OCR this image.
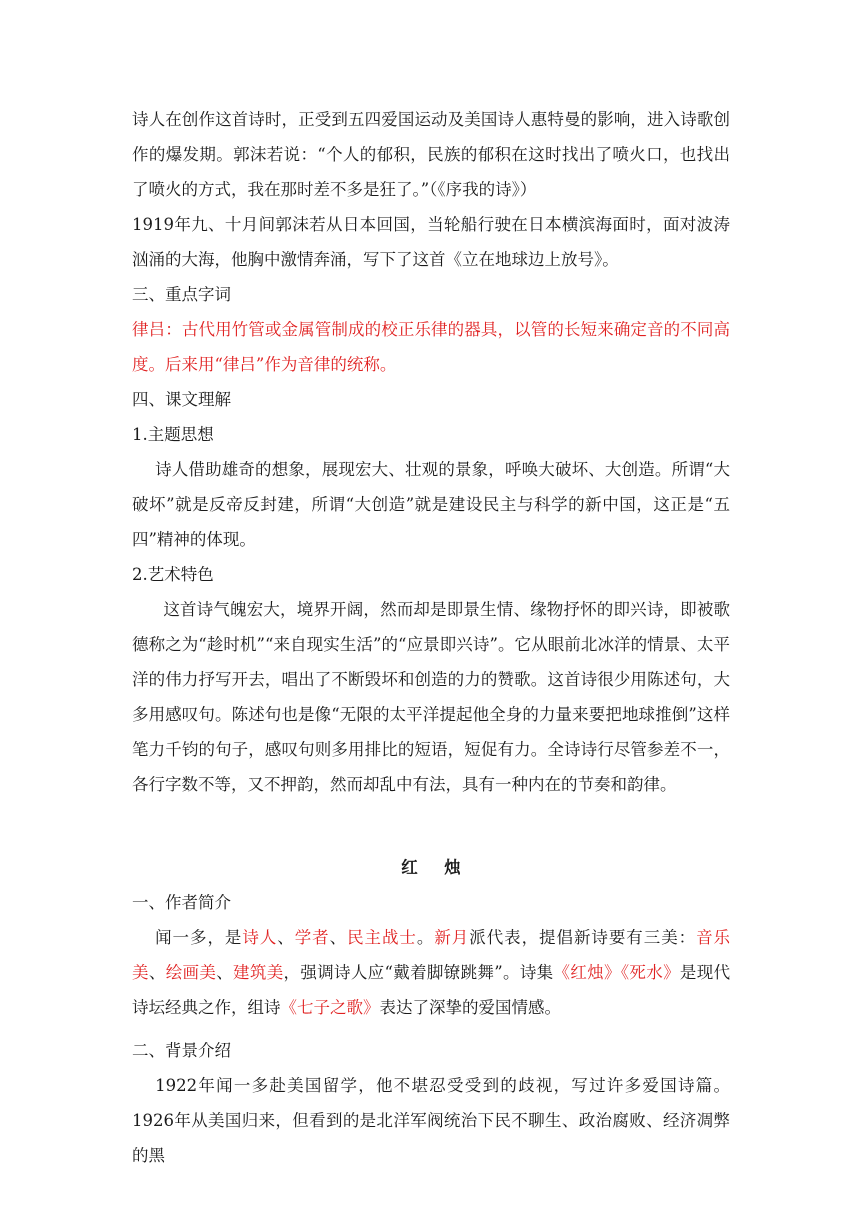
诗人在创作这首诗时，正受到五四爱国运动及美国诗人惠特曼的影响，进入诗歌创作的爆发期。郭沫若说：“个人的郁积，民族的郁积在这时找出了喷火口，也找出了喷火的方式，我在那时差不多是狂了。”（《序我的诗》）

1919年九、十月间郭沫若从日本回国，当轮船行驶在日本横滨海面时，面对波涛汹涌的大海，他胸中激情奔涌，写下了这首《立在地球边上放号》。

三、重点字词

律吕：古代用竹管或金属管制成的校正乐律的器具，以管的长短来确定音的不同高度。后来用“律吕”作为音律的统称。

四、课文理解

1.主题思想

诗人借助雄奇的想象，展现宏大、壮观的景象，呼唤大破坏、大创造。所谓“大破坏”就是反帝反封建，所谓“大创造”就是建设民主与科学的新中国，这正是“五四”精神的体现。

2.艺术特色

这首诗气魄宏大，境界开阔，然而却是即景生情、缘物抒怀的即兴诗，即被歌德称之为“趁时机”“来自现实生活”的“应景即兴诗”。它从眼前北冰洋的情景、太平洋的伟力抒写开去，唱出了不断毁坏和创造的力的赞歌。这首诗很少用陈述句，大多用感叹句。陈述句也是像“无限的太平洋提起他全身的力量来要把地球推倒”这样笔力千钧的句子，感叹句则多用排比的短语，短促有力。全诗诗行尽管参差不一，各行字数不等，又不押韵，然而却乱中有法，具有一种内在的节奏和韵律。

红烛

一、作者简介

闻一多，是诗人、学者、民主战士。新月派代表，提倡新诗要有三美：音乐美、绘画美、建筑美，强调诗人应“戴着脚镣跳舞”。诗集《红烛》《死水》是现代诗坛经典之作，组诗《七子之歌》表达了深挚的爱国情感。

二、背景介绍

1922年闻一多赴美国留学，他不堪忍受受到的歧视，写过许多爱国诗篇。1926年从美国归来，但看到的是北洋军阀统治下民不聊生、政治腐败、经济凋弊的黑
